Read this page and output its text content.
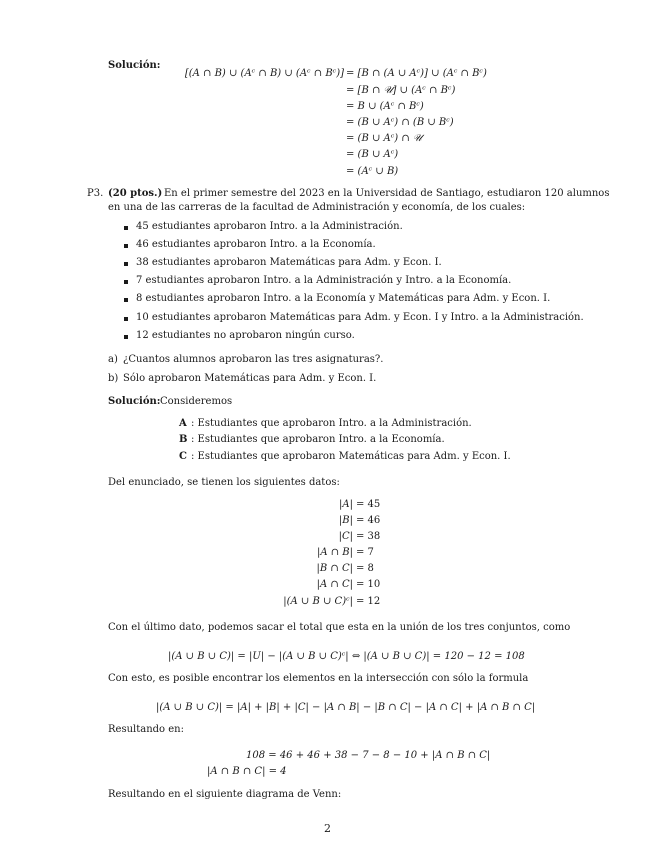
Solución:
[(A ∩ B) ∪ (Aᶜ ∩ B) ∪ (Aᶜ ∩ Bᶜ)] = [B ∩ (A ∪ Aᶜ)] ∪ (Aᶜ ∩ Bᶜ)
= [B ∩ 𝒰] ∪ (Aᶜ ∩ Bᶜ)
= B ∪ (Aᶜ ∩ Bᶜ)
= (B ∪ Aᶜ) ∩ (B ∪ Bᶜ)
= (B ∪ Aᶜ) ∩ 𝒰
= (B ∪ Aᶜ)
= (Aᶜ ∪ B)
P3. (20 ptos.) En el primer semestre del 2023 en la Universidad de Santiago, estudiaron 120 alumnos
en una de las carreras de la facultad de Administración y economía, de los cuales:
45 estudiantes aprobaron Intro. a la Administración.
46 estudiantes aprobaron Intro. a la Economía.
38 estudiantes aprobaron Matemáticas para Adm. y Econ. I.
7 estudiantes aprobaron Intro. a la Administración y Intro. a la Economía.
8 estudiantes aprobaron Intro. a la Economía y Matemáticas para Adm. y Econ. I.
10 estudiantes aprobaron Matemáticas para Adm. y Econ. I y Intro. a la Administración.
12 estudiantes no aprobaron ningún curso.
a) ¿Cuantos alumnos aprobaron las tres asignaturas?.
b) Sólo aprobaron Matemáticas para Adm. y Econ. I.
Solución: Consideremos
A : Estudiantes que aprobaron Intro. a la Administración.
B : Estudiantes que aprobaron Intro. a la Economía.
C : Estudiantes que aprobaron Matemáticas para Adm. y Econ. I.
Del enunciado, se tienen los siguientes datos:
|A| = 45
|B| = 46
|C| = 38
|A ∩ B| = 7
|B ∩ C| = 8
|A ∩ C| = 10
|(A ∪ B ∪ C)ᶜ| = 12
Con el último dato, podemos sacar el total que esta en la unión de los tres conjuntos, como
|(A ∪ B ∪ C)| = |U| − |(A ∪ B ∪ C)ᶜ| ⇔ |(A ∪ B ∪ C)| = 120 − 12 = 108
Con esto, es posible encontrar los elementos en la intersección con sólo la formula
|(A ∪ B ∪ C)| = |A| + |B| + |C| − |A ∩ B| − |B ∩ C| − |A ∩ C| + |A ∩ B ∩ C|
Resultando en:
108 = 46 + 46 + 38 − 7 − 8 − 10 + |A ∩ B ∩ C|
|A ∩ B ∩ C| = 4
Resultando en el siguiente diagrama de Venn:
2
